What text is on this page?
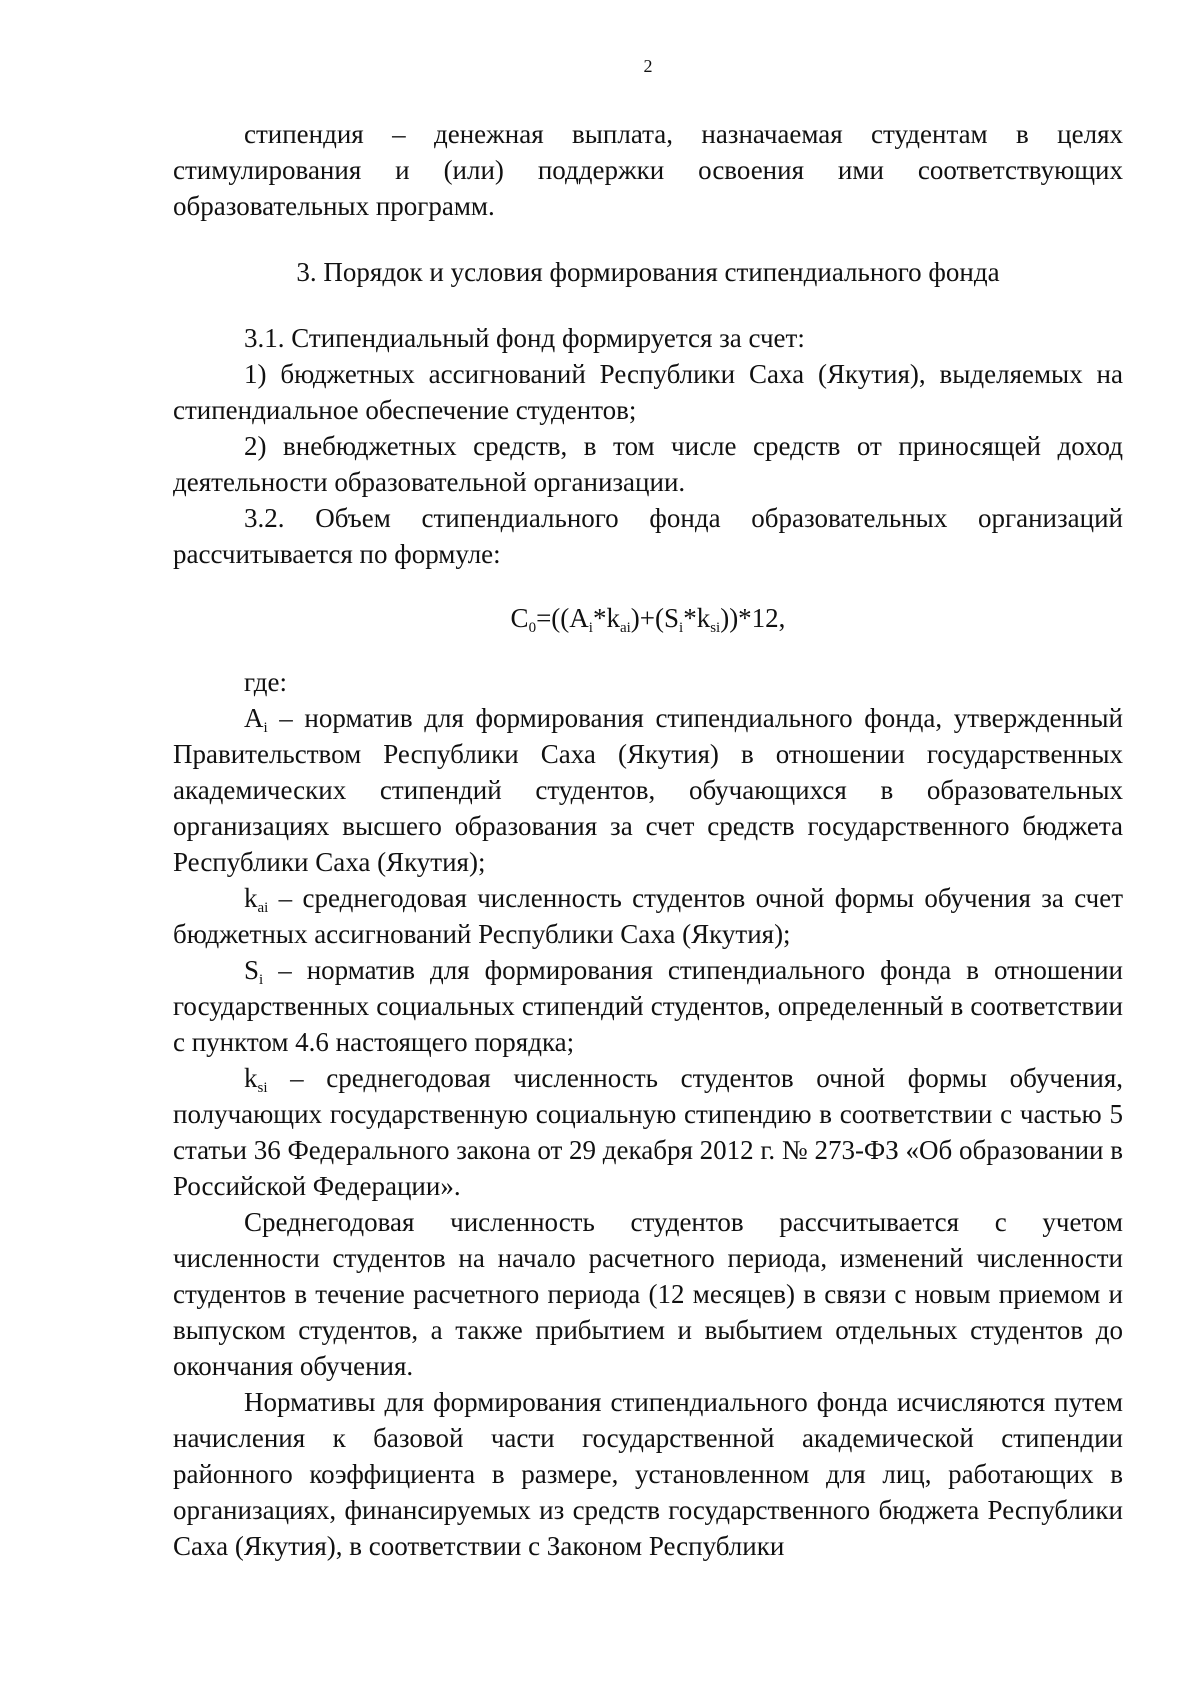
2

стипендия – денежная выплата, назначаемая студентам в целях стимулирования и (или) поддержки освоения ими соответствующих образовательных программ.

3. Порядок и условия формирования стипендиального фонда

3.1. Стипендиальный фонд формируется за счет:

1) бюджетных ассигнований Республики Саха (Якутия), выделяемых на стипендиальное обеспечение студентов;

2) внебюджетных средств, в том числе средств от приносящей доход деятельности образовательной организации.

3.2. Объем стипендиального фонда образовательных организаций рассчитывается по формуле:

$C_0=((A_i*k_{ai})+(S_i*k_{si}))*12$,

где:

$A_i$ – норматив для формирования стипендиального фонда, утвержденный Правительством Республики Саха (Якутия) в отношении государственных академических стипендий студентов, обучающихся в образовательных организациях высшего образования за счет средств государственного бюджета Республики Саха (Якутия);

$k_{ai}$ – среднегодовая численность студентов очной формы обучения за счет бюджетных ассигнований Республики Саха (Якутия);

$S_i$ – норматив для формирования стипендиального фонда в отношении государственных социальных стипендий студентов, определенный в соответствии с пунктом 4.6 настоящего порядка;

$k_{si}$ – среднегодовая численность студентов очной формы обучения, получающих государственную социальную стипендию в соответствии с частью 5 статьи 36 Федерального закона от 29 декабря 2012 г. № 273-ФЗ «Об образовании в Российской Федерации».

Среднегодовая численность студентов рассчитывается с учетом численности студентов на начало расчетного периода, изменений численности студентов в течение расчетного периода (12 месяцев) в связи с новым приемом и выпуском студентов, а также прибытием и выбытием отдельных студентов до окончания обучения.

Нормативы для формирования стипендиального фонда исчисляются путем начисления к базовой части государственной академической стипендии районного коэффициента в размере, установленном для лиц, работающих в организациях, финансируемых из средств государственного бюджета Республики Саха (Якутия), в соответствии с Законом Республики
